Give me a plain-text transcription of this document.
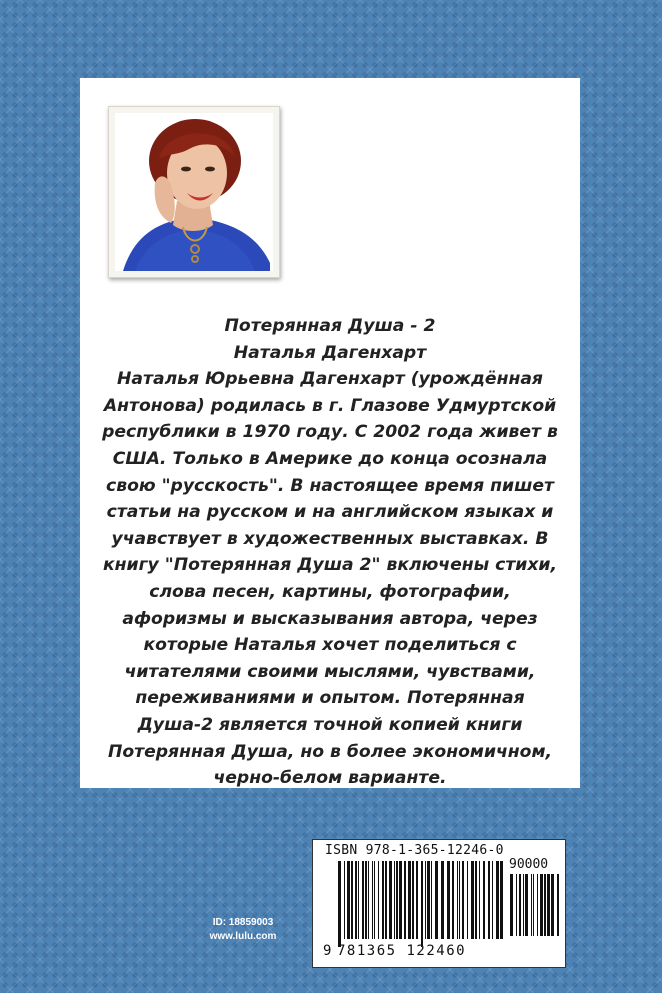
Потерянная Душа - 2
Наталья Дагенхарт
Наталья Юрьевна Дагенхарт (урождённая
Антонова) родилась в г. Глазове Удмуртской
республики в 1970 году. С 2002 года живет в
США. Только в Америке до конца осознала
свою "русскость". В настоящее время пишет
статьи на русском и на английском языках и
учавствует в художественных выставках. В
книгу "Потерянная Душа 2" включены стихи,
слова песен, картины, фотографии,
афоризмы и высказывания автора, через
которые Наталья хочет поделиться с
читателями своими мыслями, чувствами,
переживаниями и опытом. Потерянная
Душа-2 являeтся точной копией книги
Потерянная Душа, но в более экономичном,
черно-белом варианте.
ID: 18859003
www.lulu.com
ISBN 978-1-365-12246-0
90000
9 781365 122460
